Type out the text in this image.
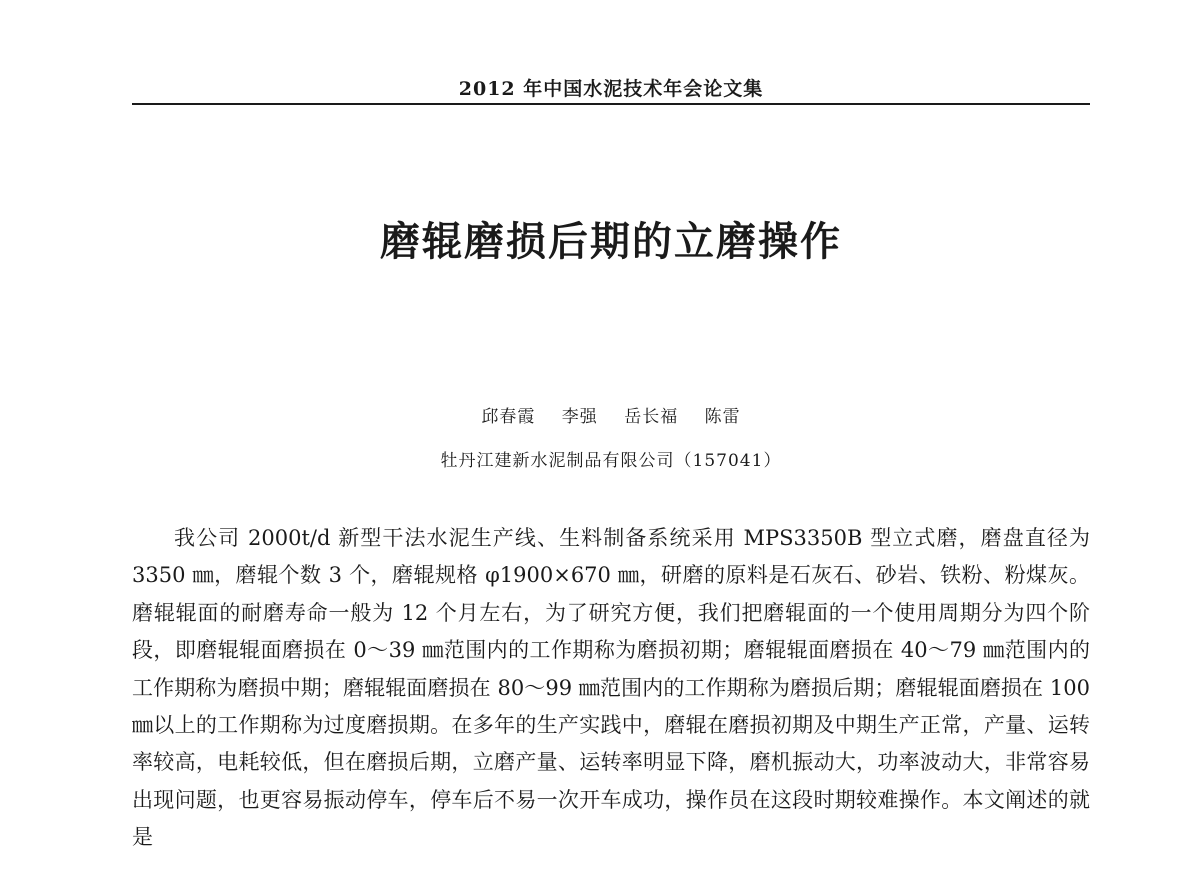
2012 年中国水泥技术年会论文集
磨辊磨损后期的立磨操作
邱春霞 李强 岳长福 陈雷
牡丹江建新水泥制品有限公司（157041）

我公司 2000t/d 新型干法水泥生产线、生料制备系统采用 MPS3350B 型立式磨，磨盘直径为 3350 ㎜，磨辊个数 3 个，磨辊规格 φ1900×670 ㎜，研磨的原料是石灰石、砂岩、铁粉、粉煤灰。磨辊辊面的耐磨寿命一般为 12 个月左右，为了研究方便，我们把磨辊面的一个使用周期分为四个阶段，即磨辊辊面磨损在 0～39 ㎜范围内的工作期称为磨损初期；磨辊辊面磨损在 40～79 ㎜范围内的工作期称为磨损中期；磨辊辊面磨损在 80～99 ㎜范围内的工作期称为磨损后期；磨辊辊面磨损在 100 ㎜以上的工作期称为过度磨损期。在多年的生产实践中，磨辊在磨损初期及中期生产正常，产量、运转率较高，电耗较低，但在磨损后期，立磨产量、运转率明显下降，磨机振动大，功率波动大，非常容易出现问题，也更容易振动停车，停车后不易一次开车成功，操作员在这段时期较难操作。本文阐述的就是
